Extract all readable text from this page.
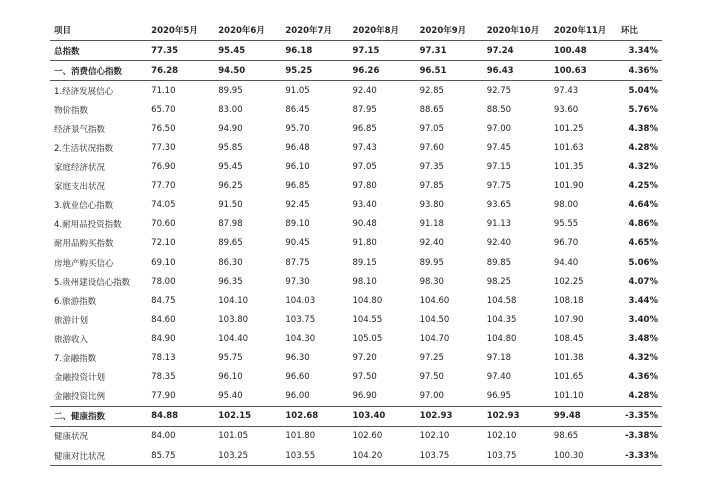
项目	2020年5月	2020年6月	2020年7月	2020年8月	2020年9月	2020年10月	2020年11月	环比
总指数	77.35	95.45	96.18	97.15	97.31	97.24	100.48	3.34%
一、消费信心指数	76.28	94.50	95.25	96.26	96.51	96.43	100.63	4.36%
1.经济发展信心	71.10	89.95	91.05	92.40	92.85	92.75	97.43	5.04%
物价指数	65.70	83.00	86.45	87.95	88.65	88.50	93.60	5.76%
经济景气指数	76.50	94.90	95.70	96.85	97.05	97.00	101.25	4.38%
2.生活状况指数	77.30	95.85	96.48	97.43	97.60	97.45	101.63	4.28%
家庭经济状况	76.90	95.45	96.10	97.05	97.35	97.15	101.35	4.32%
家庭支出状况	77.70	96.25	96.85	97.80	97.85	97.75	101.90	4.25%
3.就业信心指数	74.05	91.50	92.45	93.40	93.80	93.65	98.00	4.64%
4.耐用品投资指数	70.60	87.98	89.10	90.48	91.18	91.13	95.55	4.86%
耐用品购买指数	72.10	89.65	90.45	91.80	92.40	92.40	96.70	4.65%
房地产购买信心	69.10	86.30	87.75	89.15	89.95	89.85	94.40	5.06%
5.贵州建设信心指数	78.00	96.35	97.30	98.10	98.30	98.25	102.25	4.07%
6.旅游指数	84.75	104.10	104.03	104.80	104.60	104.58	108.18	3.44%
旅游计划	84.60	103.80	103.75	104.55	104.50	104.35	107.90	3.40%
旅游收入	84.90	104.40	104.30	105.05	104.70	104.80	108.45	3.48%
7.金融指数	78.13	95.75	96.30	97.20	97.25	97.18	101.38	4.32%
金融投资计划	78.35	96.10	96.60	97.50	97.50	97.40	101.65	4.36%
金融投资比例	77.90	95.40	96.00	96.90	97.00	96.95	101.10	4.28%
二、健康指数	84.88	102.15	102.68	103.40	102.93	102.93	99.48	-3.35%
健康状况	84.00	101.05	101.80	102.60	102.10	102.10	98.65	-3.38%
健康对比状况	85.75	103.25	103.55	104.20	103.75	103.75	100.30	-3.33%
